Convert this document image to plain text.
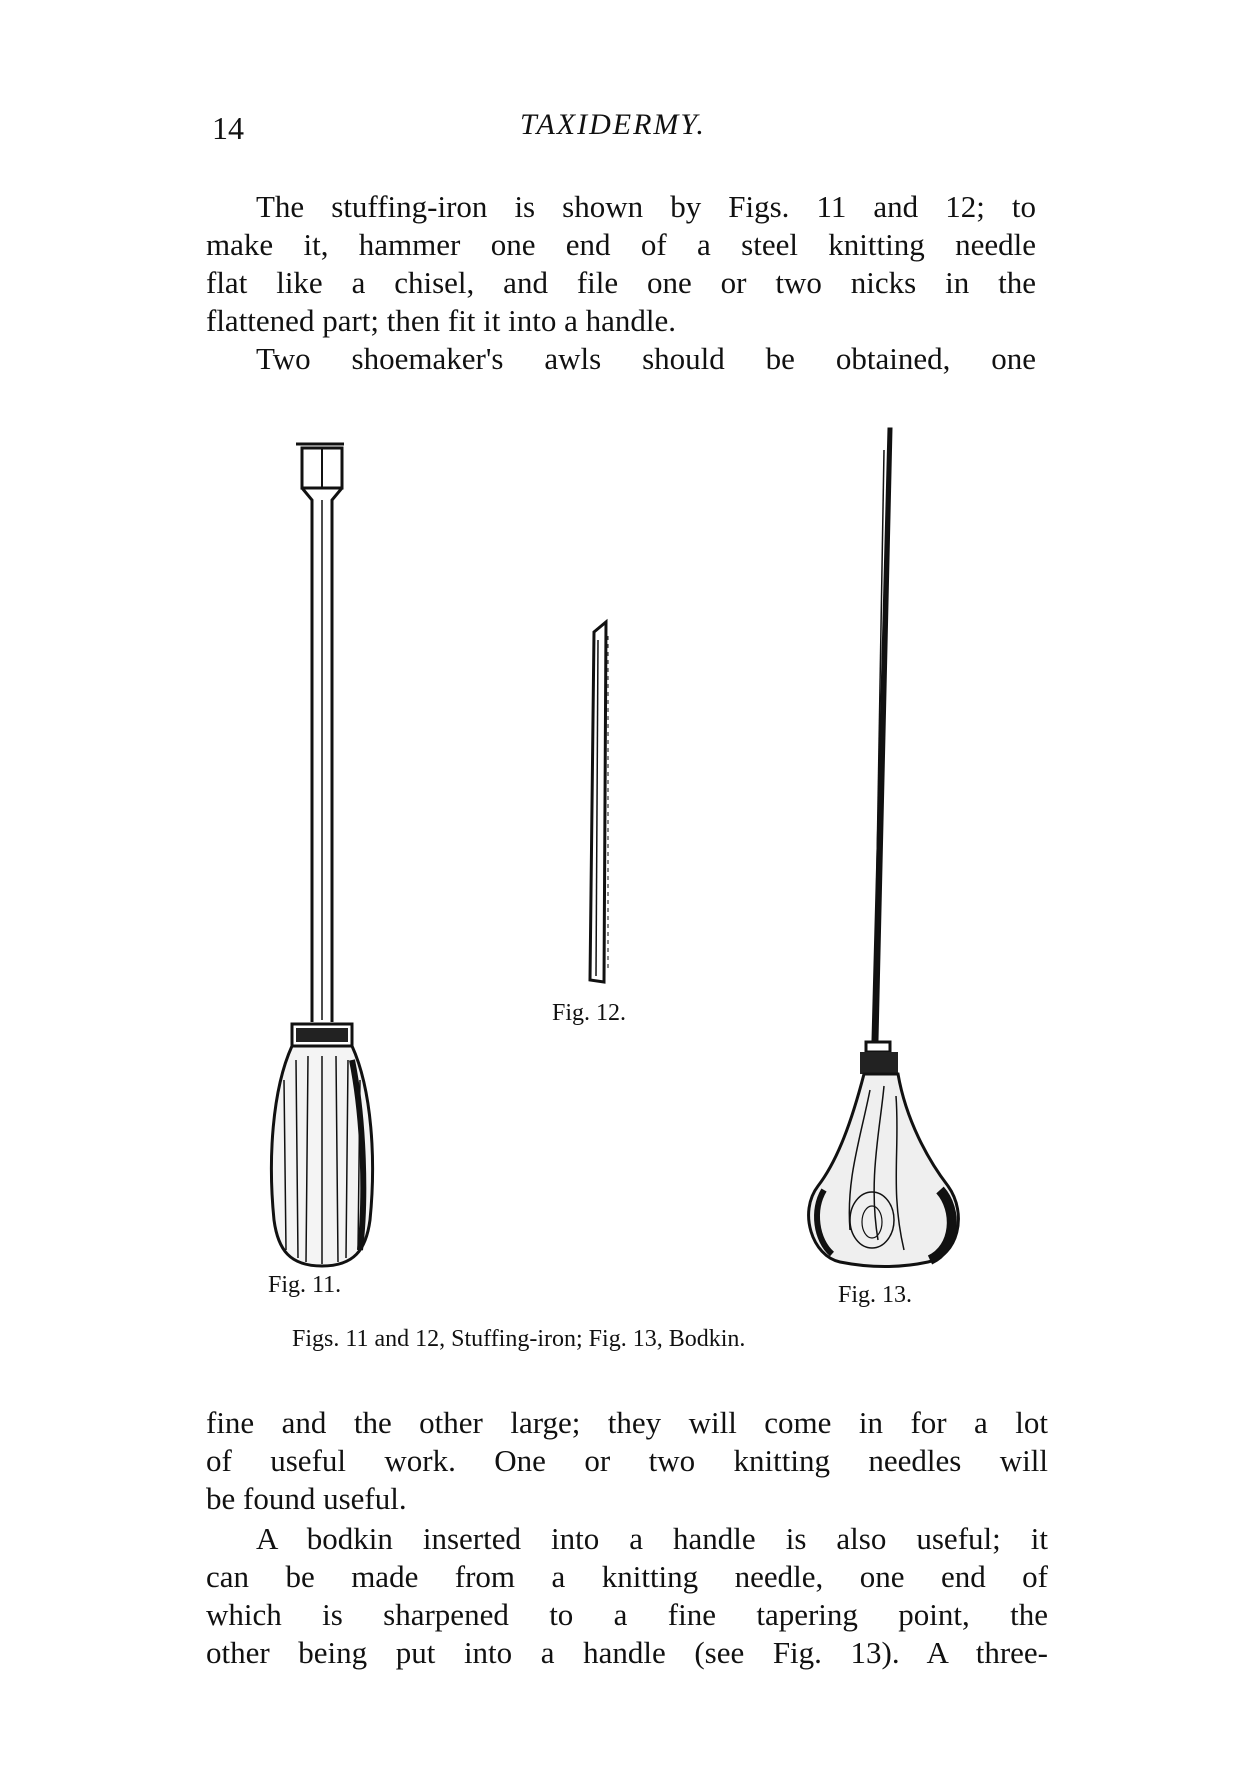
14	TAXIDERMY.
The stuffing-iron is shown by Figs. 11 and 12; to
make it, hammer one end of a steel knitting needle
flat like a chisel, and file one or two nicks in the
flattened part; then fit it into a handle.
Two shoemaker's awls should be obtained, one
Fig. 11.
Fig. 12.
Fig. 13.
Figs. 11 and 12, Stuffing-iron; Fig. 13, Bodkin.
fine and the other large; they will come in for a lot
of useful work. One or two knitting needles will
be found useful.
A bodkin inserted into a handle is also useful; it
can be made from a knitting needle, one end of
which is sharpened to a fine tapering point, the
other being put into a handle (see Fig. 13). A three-
